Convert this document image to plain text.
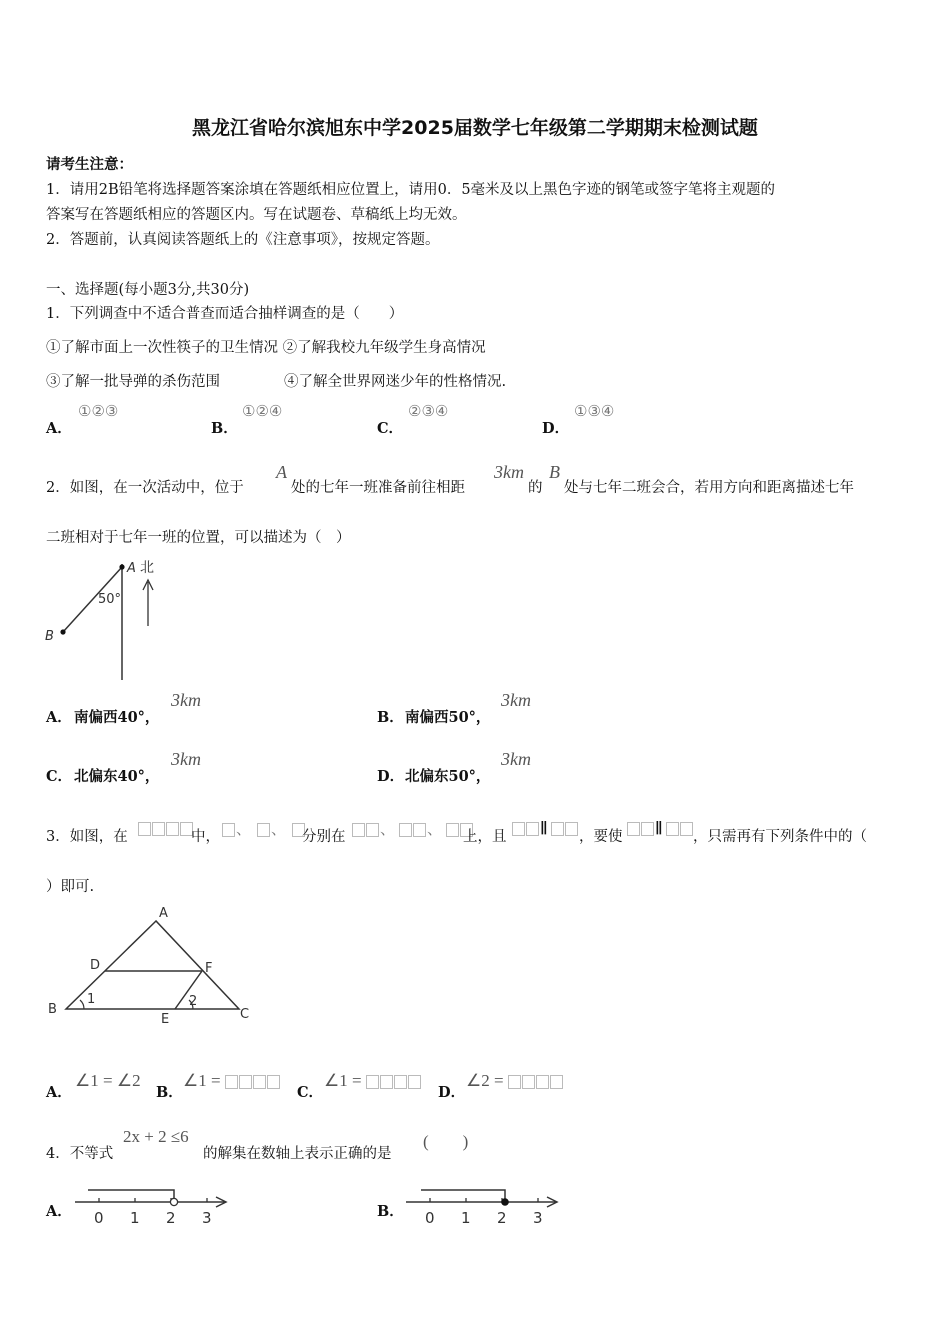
黑龙江省哈尔滨旭东中学2025届数学七年级第二学期期末检测试题
请考生注意：
1．请用2B铅笔将选择题答案涂填在答题纸相应位置上，请用0．5毫米及以上黑色字迹的钢笔或签字笔将主观题的
答案写在答题纸相应的答题区内。写在试题卷、草稿纸上均无效。
2．答题前，认真阅读答题纸上的《注意事项》，按规定答题。
一、选择题(每小题3分,共30分)
1．下列调查中不适合普查而适合抽样调查的是（　　）
①了解市面上一次性筷子的卫生情况 ②了解我校九年级学生身高情况
③了解一批导弹的杀伤范围	④了解全世界网迷少年的性格情况.
A．
①②③
B．
①②④
C．
②③④
D．
①③④
2．如图，在一次活动中，位于
A
处的七年一班准备前往相距
3km
的
B
处与七年二班会合，若用方向和距离描述七年
二班相对于七年一班的位置，可以描述为（　）
A 北
50°
B
A． 南偏西40°，
3km
B． 南偏西50°，
3km
C． 北偏东40°，
3km
D． 北偏东50°，
3km
3．如图，在	中，	、 、	分别在	、 、	上，且	∥	，要使	∥	，只需再有下列条件中的（
）即可.
A
D	F
B
1	2
E	C
A．
∠1 = ∠2
B．
∠1 =
C．
∠1 =
D．
∠2 =
4．不等式
2x + 2 ≤6
的解集在数轴上表示正确的是
(　　)
A． 0 1 2 3	B． 0 1 2 3
